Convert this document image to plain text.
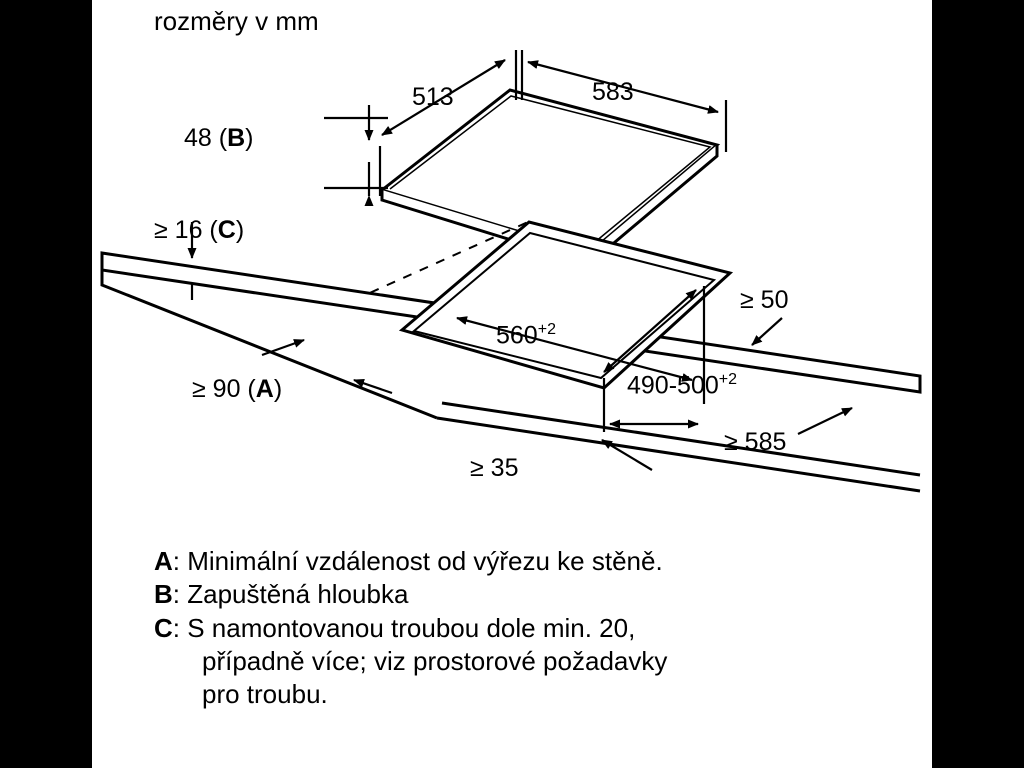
rozměry v mm
513	583
48 (B)
≥ 16 (C)
≥ 90 (A)
$560^{+2}$
$490-500^{+2}$
≥ 50
≥ 35
≥ 585
A: Minimální vzdálenost od výřezu ke stěně.
B: Zapuštěná hloubka
C: S namontovanou troubou dole min. 20,
případně více; viz prostorové požadavky
pro troubu.
